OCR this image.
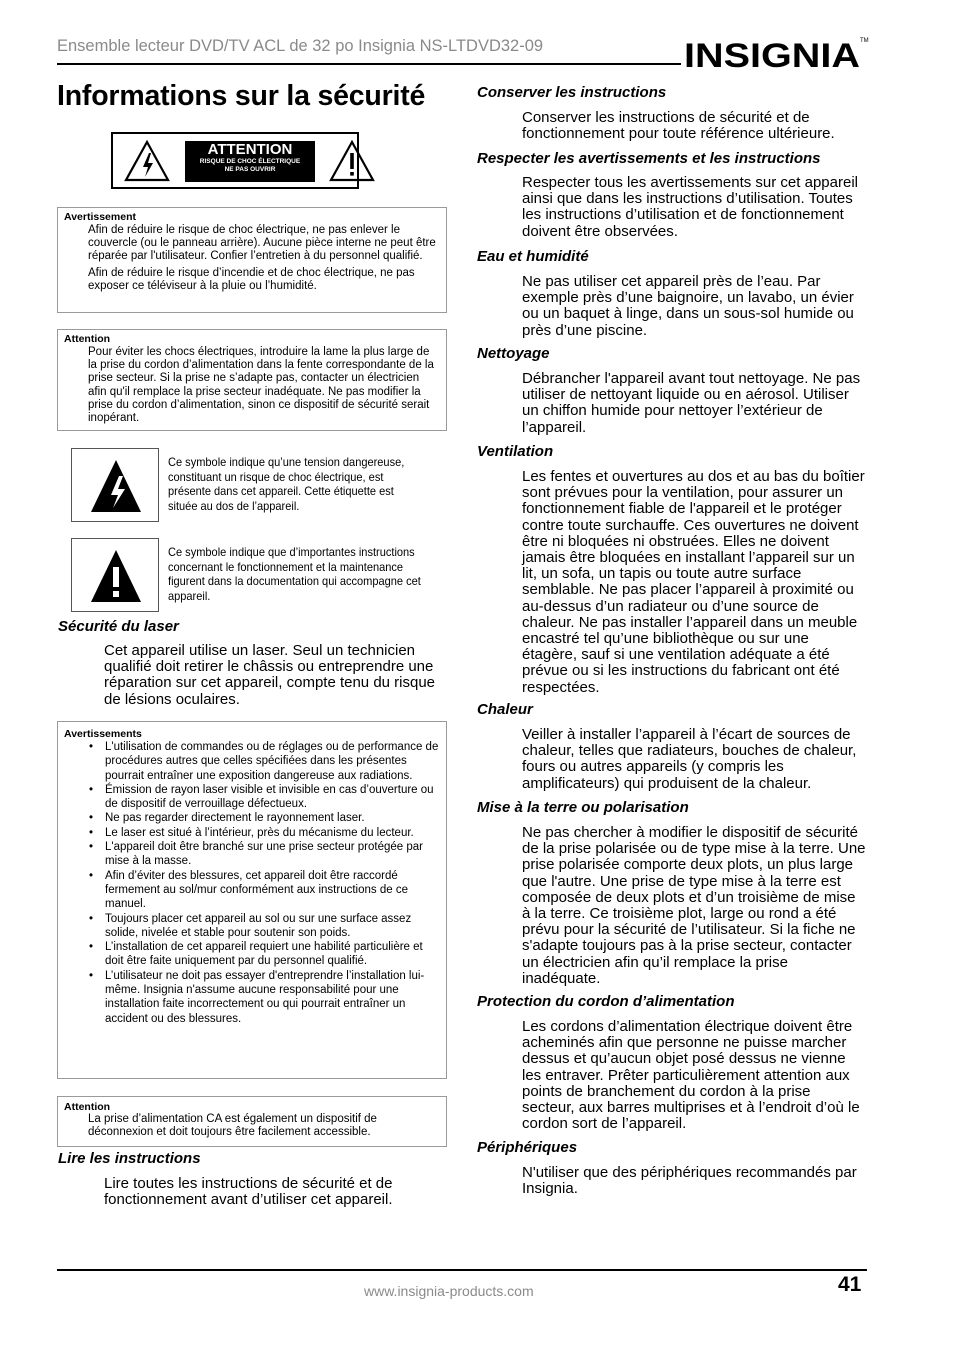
Ensemble lecteur DVD/TV ACL de 32 po Insignia NS-LTDVD32-09	INSIGNIA TM
Informations sur la sécurité
ATTENTION
RISQUE DE CHOC ÉLECTRIQUE
NE PAS OUVRIR
Avertissement

Afin de réduire le risque de choc électrique, ne pas enlever le couvercle (ou le panneau arrière). Aucune pièce interne ne peut être réparée par l'utilisateur. Confier l’entretien à du personnel qualifié.

Afin de réduire le risque d’incendie et de choc électrique, ne pas exposer ce téléviseur à la pluie ou l’humidité.

Attention

Pour éviter les chocs électriques, introduire la lame la plus large de la prise du cordon d’alimentation dans la fente correspondante de la prise secteur. Si la prise ne s’adapte pas, contacter un électricien afin qu'il remplace la prise secteur inadéquate. Ne pas modifier la prise du cordon d’alimentation, sinon ce dispositif de sécurité serait inopérant.

Ce symbole indique qu’une tension dangereuse, constituant un risque de choc électrique, est présente dans cet appareil. Cette étiquette est située au dos de l’appareil.
Ce symbole indique que d’importantes instructions concernant le fonctionnement et la maintenance figurent dans la documentation qui accompagne cet appareil.
Sécurité du laser
Cet appareil utilise un laser. Seul un technicien qualifié doit retirer le châssis ou entreprendre une réparation sur cet appareil, compte tenu du risque de lésions oculaires.
Avertissements
• L'utilisation de commandes ou de réglages ou de performance de procédures autres que celles spécifiées dans les présentes pourrait entraîner une exposition dangereuse aux radiations.
• Émission de rayon laser visible et invisible en cas d’ouverture ou de dispositif de verrouillage défectueux.
• Ne pas regarder directement le rayonnement laser.
• Le laser est situé à l’intérieur, près du mécanisme du lecteur.
• L'appareil doit être branché sur une prise secteur protégée par mise à la masse.
• Afin d’éviter des blessures, cet appareil doit être raccordé fermement au sol/mur conformément aux instructions de ce manuel.
• Toujours placer cet appareil au sol ou sur une surface assez solide, nivelée et stable pour soutenir son poids.
• L’installation de cet appareil requiert une habilité particulière et doit être faite uniquement par du personnel qualifié.
• L’utilisateur ne doit pas essayer d'entreprendre l’installation lui-même. Insignia n'assume aucune responsabilité pour une installation faite incorrectement ou qui pourrait entraîner un accident ou des blessures.
Attention

La prise d’alimentation CA est également un dispositif de déconnexion et doit toujours être facilement accessible.

Lire les instructions
Lire toutes les instructions de sécurité et de fonctionnement avant d’utiliser cet appareil.
Conserver les instructions
Conserver les instructions de sécurité et de fonctionnement pour toute référence ultérieure.
Respecter les avertissements et les instructions
Respecter tous les avertissements sur cet appareil ainsi que dans les instructions d’utilisation. Toutes les instructions d’utilisation et de fonctionnement doivent être observées.
Eau et humidité
Ne pas utiliser cet appareil près de l’eau. Par exemple près d’une baignoire, un lavabo, un évier ou un baquet à linge, dans un sous-sol humide ou près d’une piscine.
Nettoyage
Débrancher l'appareil avant tout nettoyage. Ne pas utiliser de nettoyant liquide ou en aérosol. Utiliser un chiffon humide pour nettoyer l’extérieur de l’appareil.
Ventilation
Les fentes et ouvertures au dos et au bas du boîtier sont prévues pour la ventilation, pour assurer un fonctionnement fiable de l'appareil et le protéger contre toute surchauffe. Ces ouvertures ne doivent être ni bloquées ni obstruées. Elles ne doivent jamais être bloquées en installant l’appareil sur un lit, un sofa, un tapis ou toute autre surface semblable. Ne pas placer l’appareil à proximité ou au-dessus d’un radiateur ou d’une source de chaleur. Ne pas installer l’appareil dans un meuble encastré tel qu’une bibliothèque ou sur une étagère, sauf si une ventilation adéquate a été prévue ou si les instructions du fabricant ont été respectées.
Chaleur
Veiller à installer l’appareil à l’écart de sources de chaleur, telles que radiateurs, bouches de chaleur, fours ou autres appareils (y compris les amplificateurs) qui produisent de la chaleur.
Mise à la terre ou polarisation
Ne pas chercher à modifier le dispositif de sécurité de la prise polarisée ou de type mise à la terre. Une prise polarisée comporte deux plots, un plus large que l'autre. Une prise de type mise à la terre est composée de deux plots et d’un troisième de mise à la terre. Ce troisième plot, large ou rond a été prévu pour la sécurité de l’utilisateur. Si la fiche ne s'adapte toujours pas à la prise secteur, contacter un électricien afin qu’il remplace la prise inadéquate.
Protection du cordon d’alimentation
Les cordons d’alimentation électrique doivent être acheminés afin que personne ne puisse marcher dessus et qu’aucun objet posé dessus ne vienne les entraver. Prêter particulièrement attention aux points de branchement du cordon à la prise secteur, aux barres multiprises et à l’endroit d’où le cordon sort de l’appareil.
Périphériques
N'utiliser que des périphériques recommandés par Insignia.
www.insignia-products.com	41
